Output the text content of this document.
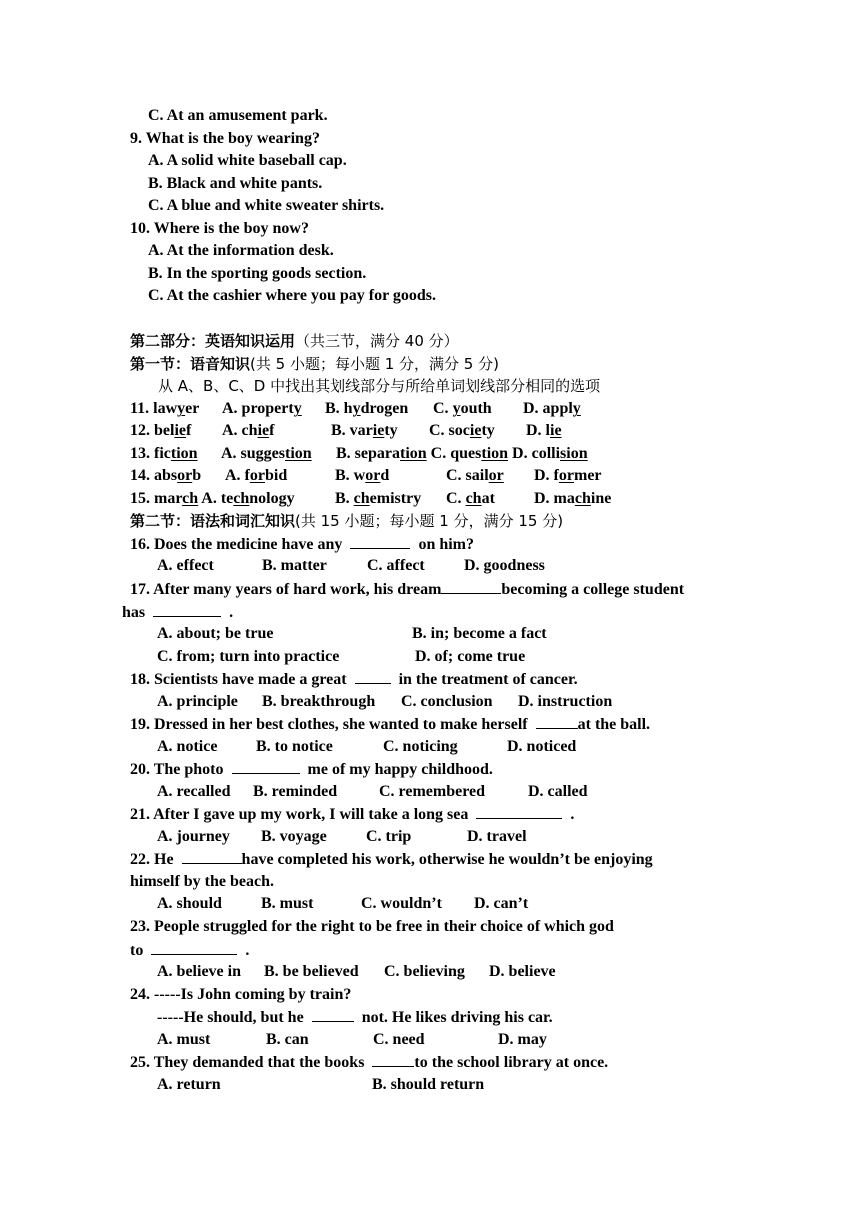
C. At an amusement park.
9. What is the boy wearing?
A. A solid white baseball cap.
B. Black and white pants.
C. A blue and white sweater shirts.
10. Where is the boy now?
A. At the information desk.
B. In the sporting goods section.
C. At the cashier where you pay for goods.
第二部分：英语知识运用（共三节，满分 40 分）
第一节：语音知识(共 5 小题；每小题 1 分，满分 5 分)
从 A、B、C、D 中找出其划线部分与所给单词划线部分相同的选项
11. lawyer A. property B. hydrogen C. youth D. apply
12. belief A. chief	B. variety C. society D. lie
13. fiction A. suggestion B. separation C. question D. collision
14. absorb A. forbid	B. word	C. sailor D. former
15. march A. technology	B. chemistry C. chat D. machine
第二节：语法和词汇知识(共 15 小题；每小题 1 分，满分 15 分)
16. Does the medicine have any	on him?
A. effect	B. matter	C. affect D. goodness
17. After many years of hard work, his dream	becoming a college student
has	.
A. about; be true	B. in; become a fact
C. from; turn into practice	D. of; come true
18. Scientists have made a great	in the treatment of cancer.
A. principle B. breakthrough C. conclusion D. instruction
19. Dressed in her best clothes, she wanted to make herself	at the ball.
A. notice B. to notice	C. noticing	D. noticed
20. The photo	me of my happy childhood.
A. recalled B. reminded	C. remembered	D. called
21. After I gave up my work, I will take a long sea	.
A. journey B. voyage C. trip	D. travel
22. He	have completed his work, otherwise he wouldn’t be enjoying
himself by the beach.
A. should B. must	C. wouldn’t D. can’t
23. People struggled for the right to be free in their choice of which god
to	.
A. believe in B. be believed C. believing D. believe
24. -----Is John coming by train?
-----He should, but he	not. He likes driving his car.
A. must	B. can	C. need	D. may
25. They demanded that the books	to the school library at once.
A. return	B. should return
